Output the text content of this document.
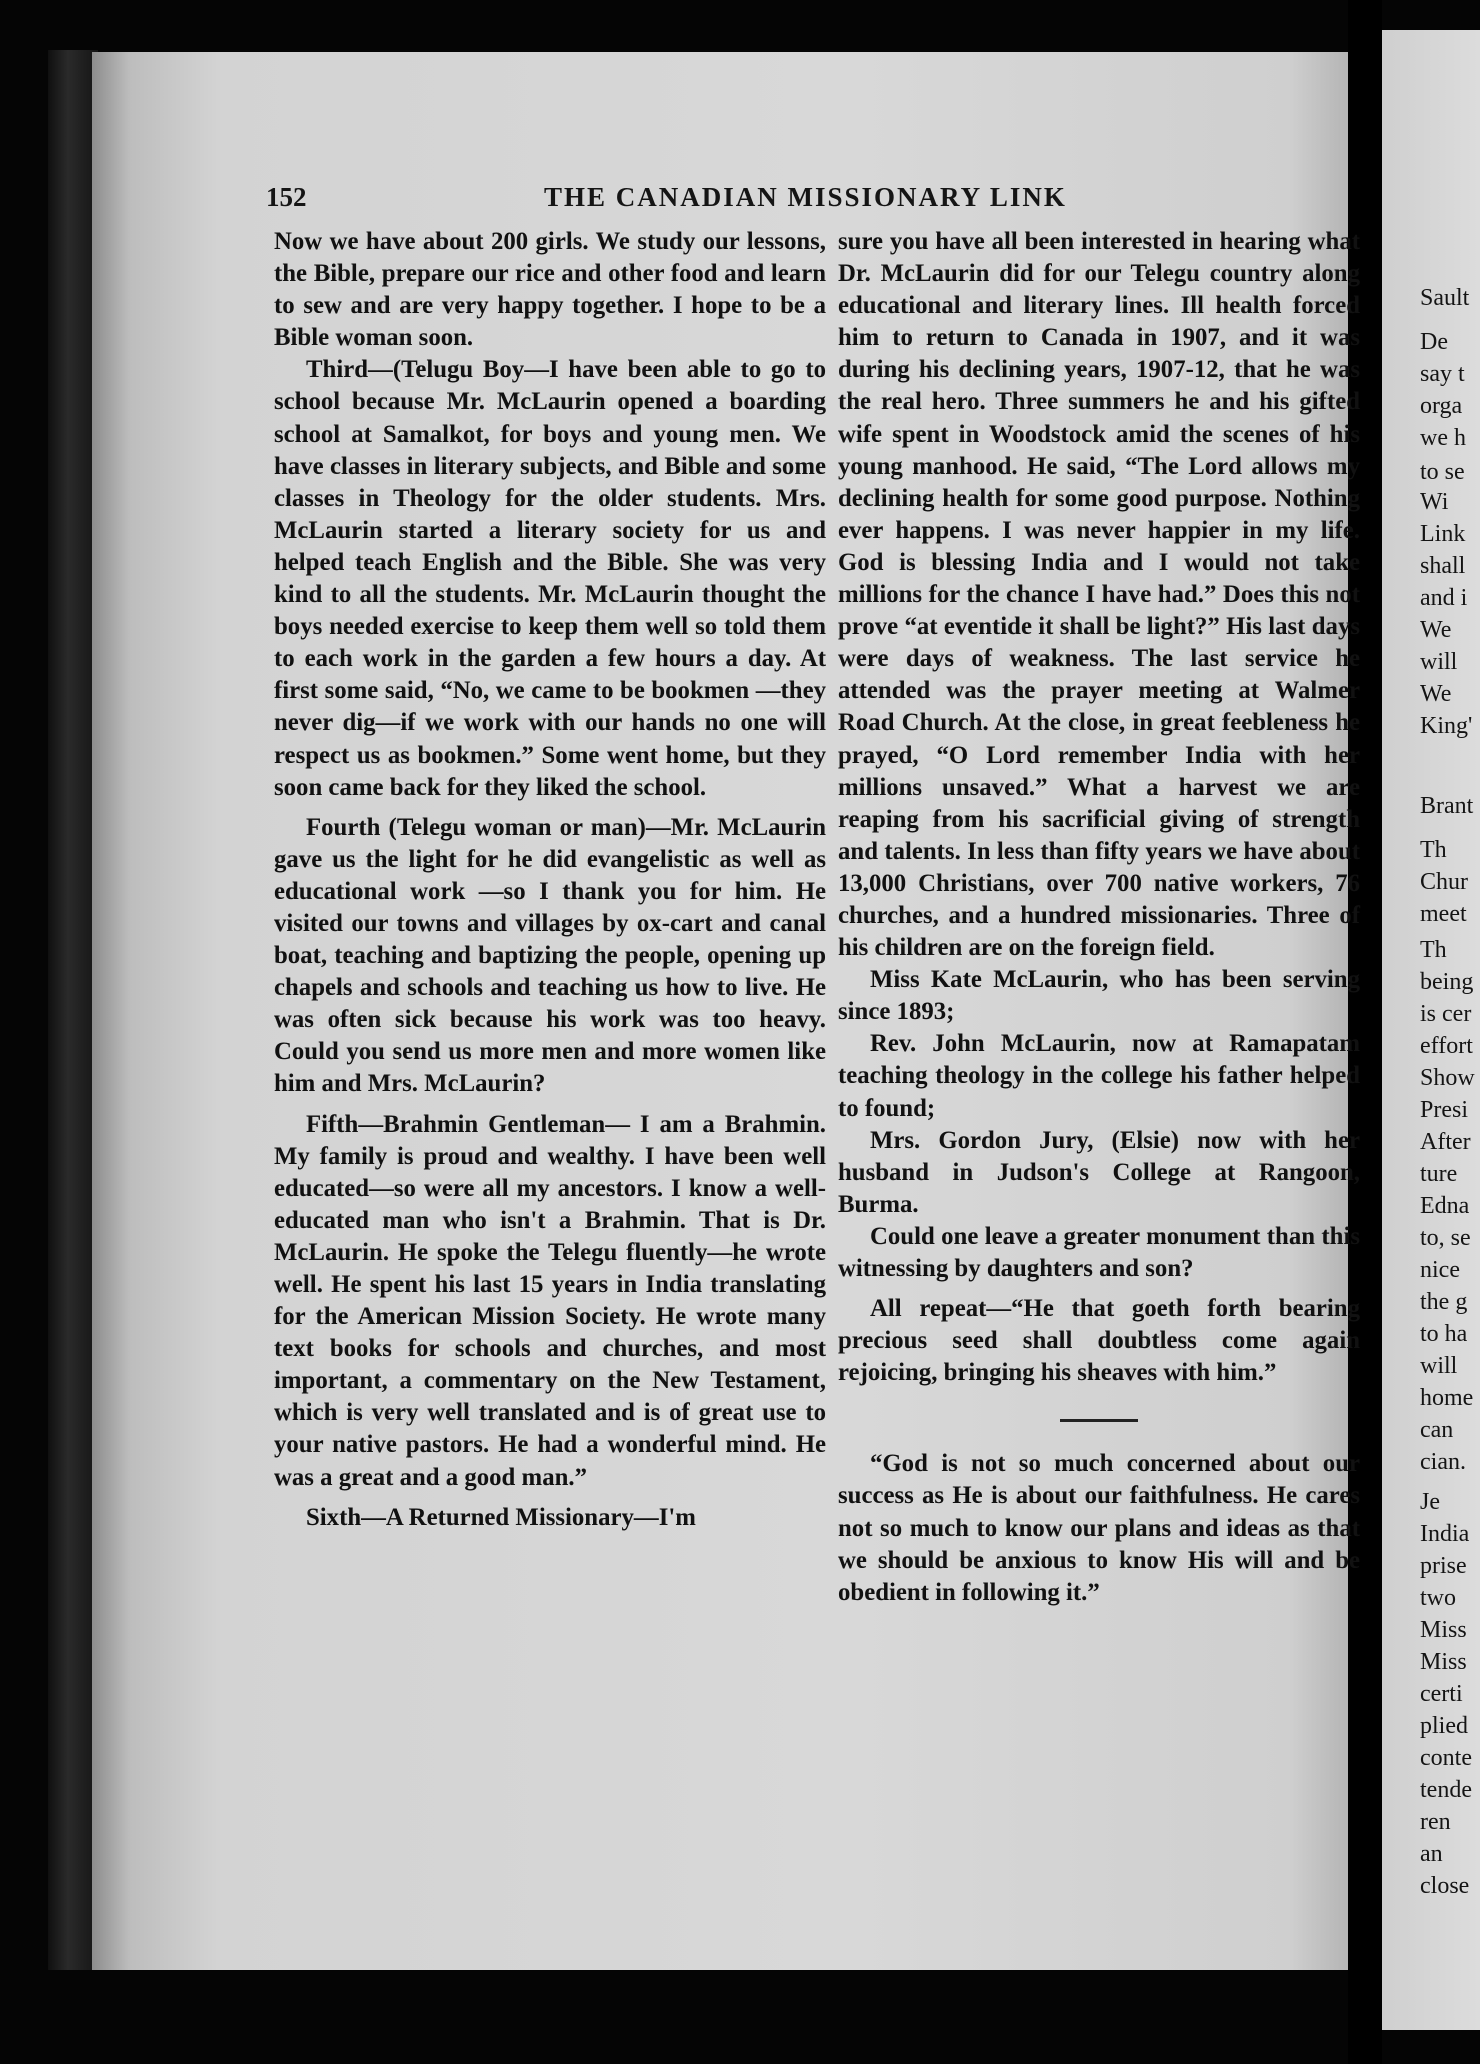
152	THE CANADIAN MISSIONARY LINK

Now we have about 200 girls. We study our lessons, the Bible, prepare our rice and other food and learn to sew and are very happy together. I hope to be a Bible woman soon.

Third—(Telugu Boy—I have been able to go to school because Mr. McLaurin opened a boarding school at Samalkot, for boys and young men. We have classes in literary subjects, and Bible and some classes in Theology for the older students. Mrs. McLaurin started a literary society for us and helped teach English and the Bible. She was very kind to all the students. Mr. McLaurin thought the boys needed exercise to keep them well so told them to each work in the garden a few hours a day. At first some said, “No, we came to be bookmen —they never dig—if we work with our hands no one will respect us as bookmen.” Some went home, but they soon came back for they liked the school.

Fourth (Telegu woman or man)—Mr. McLaurin gave us the light for he did evangelistic as well as educational work —so I thank you for him. He visited our towns and villages by ox-cart and canal boat, teaching and baptizing the people, opening up chapels and schools and teaching us how to live. He was often sick because his work was too heavy. Could you send us more men and more women like him and Mrs. McLaurin?

Fifth—Brahmin Gentleman— I am a Brahmin. My family is proud and wealthy. I have been well educated—so were all my ancestors. I know a well-educated man who isn't a Brahmin. That is Dr. McLaurin. He spoke the Telegu fluently—he wrote well. He spent his last 15 years in India translating for the American Mission Society. He wrote many text books for schools and churches, and most important, a commentary on the New Testament, which is very well translated and is of great use to your native pastors. He had a wonderful mind. He was a great and a good man.”

Sixth—A Returned Missionary—I'm

sure you have all been interested in hearing what Dr. McLaurin did for our Telegu country along educational and literary lines. Ill health forced him to return to Canada in 1907, and it was during his declining years, 1907-12, that he was the real hero. Three summers he and his gifted wife spent in Woodstock amid the scenes of his young manhood. He said, “The Lord allows my declining health for some good purpose. Nothing ever happens. I was never happier in my life. God is blessing India and I would not take millions for the chance I have had.” Does this not prove “at eventide it shall be light?” His last days were days of weakness. The last service he attended was the prayer meeting at Walmer Road Church. At the close, in great feebleness he prayed, “O Lord remember India with her millions unsaved.” What a harvest we are reaping from his sacrificial giving of strength and talents. In less than fifty years we have about 13,000 Christians, over 700 native workers, 76 churches, and a hundred missionaries. Three of his children are on the foreign field.

Miss Kate McLaurin, who has been serving since 1893;

Rev. John McLaurin, now at Ramapatam teaching theology in the college his father helped to found;

Mrs. Gordon Jury, (Elsie) now with her husband in Judson's College at Rangoon, Burma.

Could one leave a greater monument than this witnessing by daughters and son?

All repeat—“He that goeth forth bearing precious seed shall doubtless come again rejoicing, bringing his sheaves with him.”

“God is not so much concerned about our success as He is about our faithfulness. He cares not so much to know our plans and ideas as that we should be anxious to know His will and be obedient in following it.”

Sault
De
say t
orga
we h
to se
Wi
Link
shall
and i
We
will
We
King'
Brant
Th
Chur
meet
Th
being
is cer
effort
Show
Presi
After
ture
Edna
to, se
nice
the g
to ha
will
home
can
cian.
Je
India
prise
two
Miss
Miss
certi
plied
conte
tende
ren
an
close
